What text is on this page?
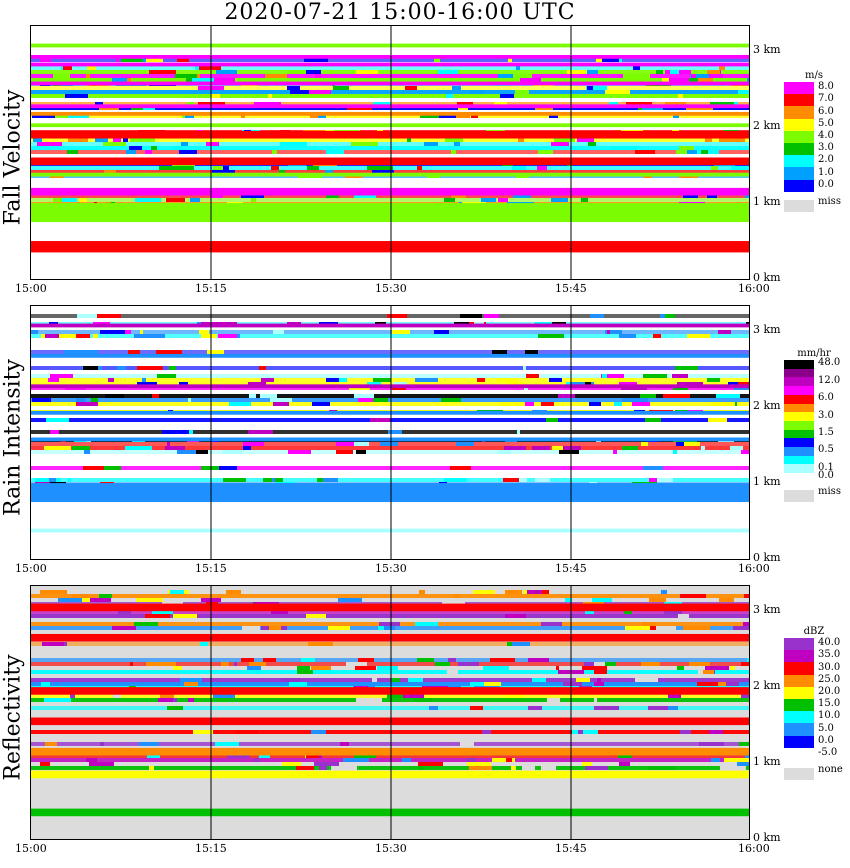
2020-07-21 15:00-16:00 UTC
Fall Velocity
Rain Intensity
Reflectivity
15:00	15:15	15:30	15:45	16:00
3 km
2 km
1 km
0 km
15:00	15:15	15:30	15:45	16:00
3 km
2 km
1 km
0 km
15:00	15:15	15:30	15:45	16:00
3 km
2 km
1 km
0 km
m/s
8.0
7.0
6.0
5.0
4.0
3.0
2.0
1.0
0.0
miss
mm/hr
48.0
12.0
6.0
3.0
1.5
0.5
0.1
0.0
miss
dBZ
40.0
35.0
30.0
25.0
20.0
15.0
10.0
5.0
0.0
-5.0
none
